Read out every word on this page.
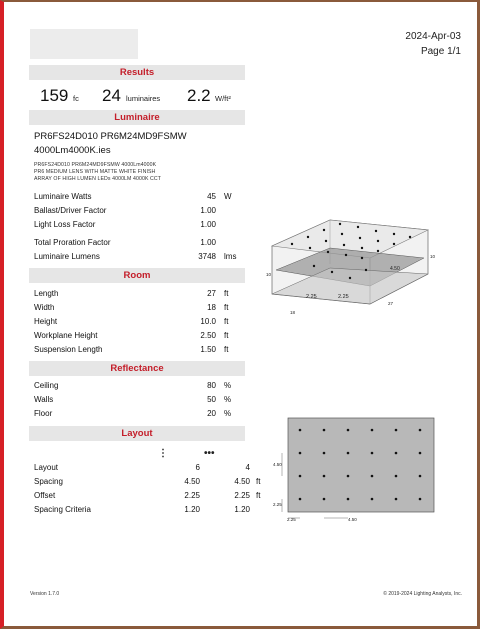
2024-Apr-03
Page 1/1
Results
159 fc 24 luminaires 2.2 W/ft²
Luminaire
PR6FS24D010 PR6M24MD9FSMW
4000Lm4000K.ies
PR6FS24D010 PR6M24MD9FSMW 4000Lm4000K
PR6 MEDIUM LENS WITH MATTE WHITE FINISH
ARRAY OF HIGH LUMEN LEDs 4000LM 4000K CCT
Luminaire Watts	45 W
Ballast/Driver Factor	1.00
Light Loss Factor	1.00
Total Proration Factor	1.00
Luminaire Lumens	3748 lms
Room
Length	27 ft
Width	18 ft
Height	10.0 ft
Workplane Height	2.50 ft
Suspension Length	1.50 ft
Reflectance
Ceiling	80 %
Walls	50 %
Floor	20 %
Layout
⋮	•••
Layout	6	4
Spacing	4.50	4.50 ft
Offset	2.25	2.25 ft
Spacing Criteria	1.20	1.20
2.25	2.25
4.50
10
27
18
10
4.50
2.25
2.25	4.50
Version 1.7.0	© 2019-2024 Lighting Analysts, Inc.
